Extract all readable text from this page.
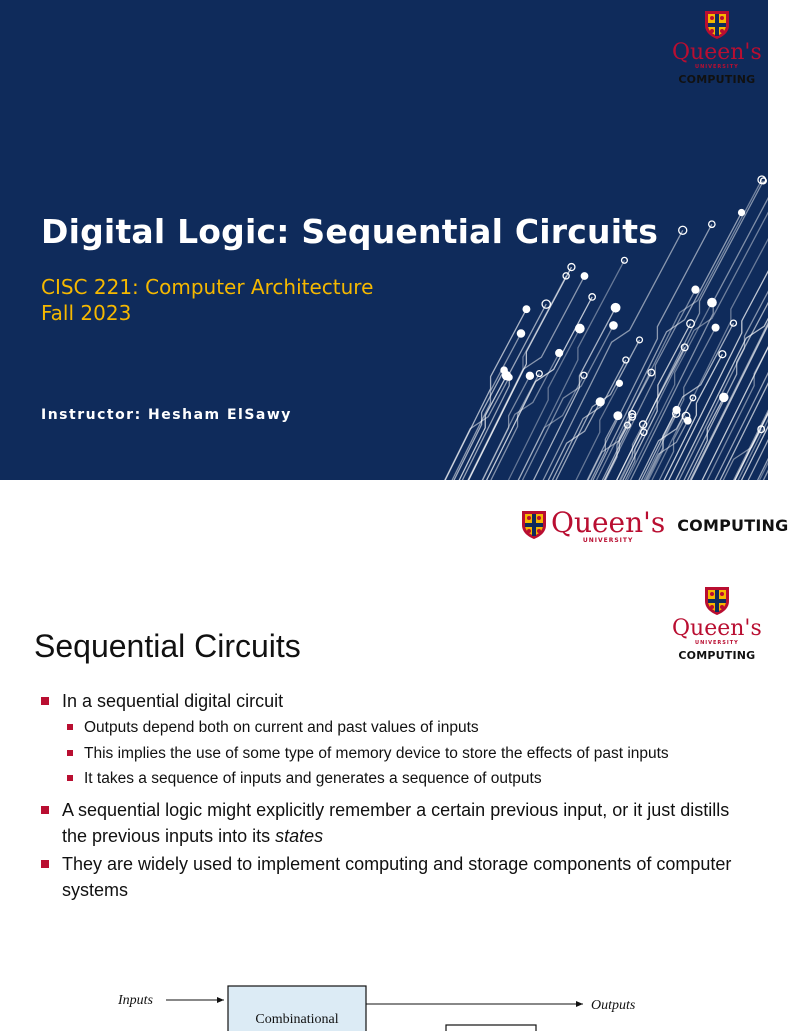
Queen's
UNIVERSITY
COMPUTING
Digital Logic: Sequential Circuits
CISC 221: Computer Architecture
Fall 2023
Instructor: Hesham ElSawy
Queen's
UNIVERSITY
COMPUTING
Queen's
UNIVERSITY
COMPUTING
Sequential Circuits
In a sequential digital circuit
Outputs depend both on current and past values of inputs
This implies the use of some type of memory device to store the effects of past inputs
It takes a sequence of inputs and generates a sequence of outputs
A sequential logic might explicitly remember a certain previous input, or it just distills the previous inputs into its states
They are widely used to implement computing and storage components of computer systems
Inputs
Combinational
Outputs
